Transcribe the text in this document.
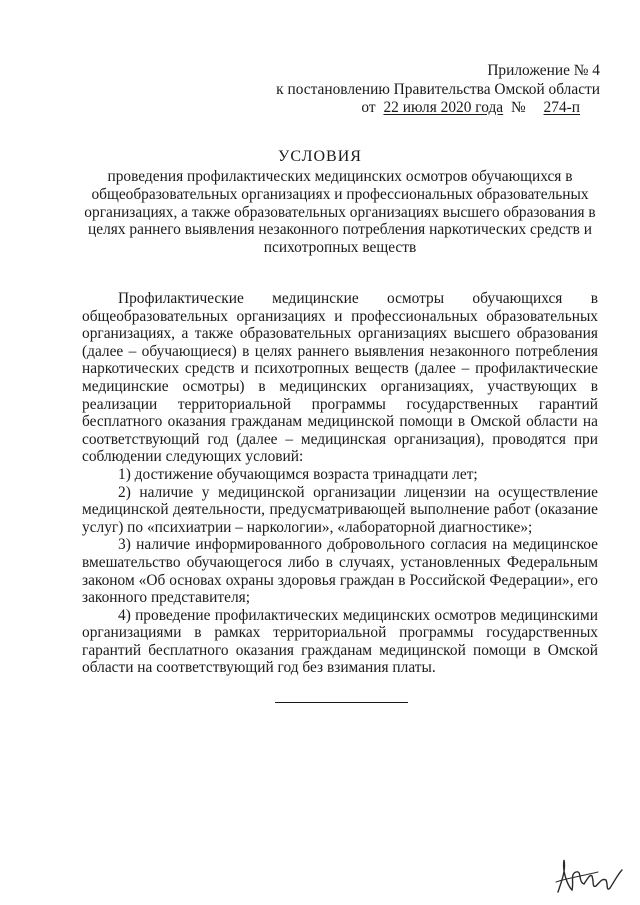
Приложение № 4
к постановлению Правительства Омской области
от 22 июля 2020 года № 274-п
УСЛОВИЯ
проведения профилактических медицинских осмотров обучающихся в общеобразовательных организациях и профессиональных образовательных организациях, а также образовательных организациях высшего образования в целях раннего выявления незаконного потребления наркотических средств и психотропных веществ

Профилактические медицинские осмотры обучающихся в общеобразовательных организациях и профессиональных образовательных организациях, а также образовательных организациях высшего образования (далее – обучающиеся) в целях раннего выявления незаконного потребления наркотических средств и психотропных веществ (далее – профилактические медицинские осмотры) в медицинских организациях, участвующих в реализации территориальной программы государственных гарантий бесплатного оказания гражданам медицинской помощи в Омской области на соответствующий год (далее – медицинская организация), проводятся при соблюдении следующих условий:

1) достижение обучающимся возраста тринадцати лет;

2) наличие у медицинской организации лицензии на осуществление медицинской деятельности, предусматривающей выполнение работ (оказание услуг) по «психиатрии – наркологии», «лабораторной диагностике»;

3) наличие информированного добровольного согласия на медицинское вмешательство обучающегося либо в случаях, установленных Федеральным законом «Об основах охраны здоровья граждан в Российской Федерации», его законного представителя;

4) проведение профилактических медицинских осмотров медицинскими организациями в рамках территориальной программы государственных гарантий бесплатного оказания гражданам медицинской помощи в Омской области на соответствующий год без взимания платы.
